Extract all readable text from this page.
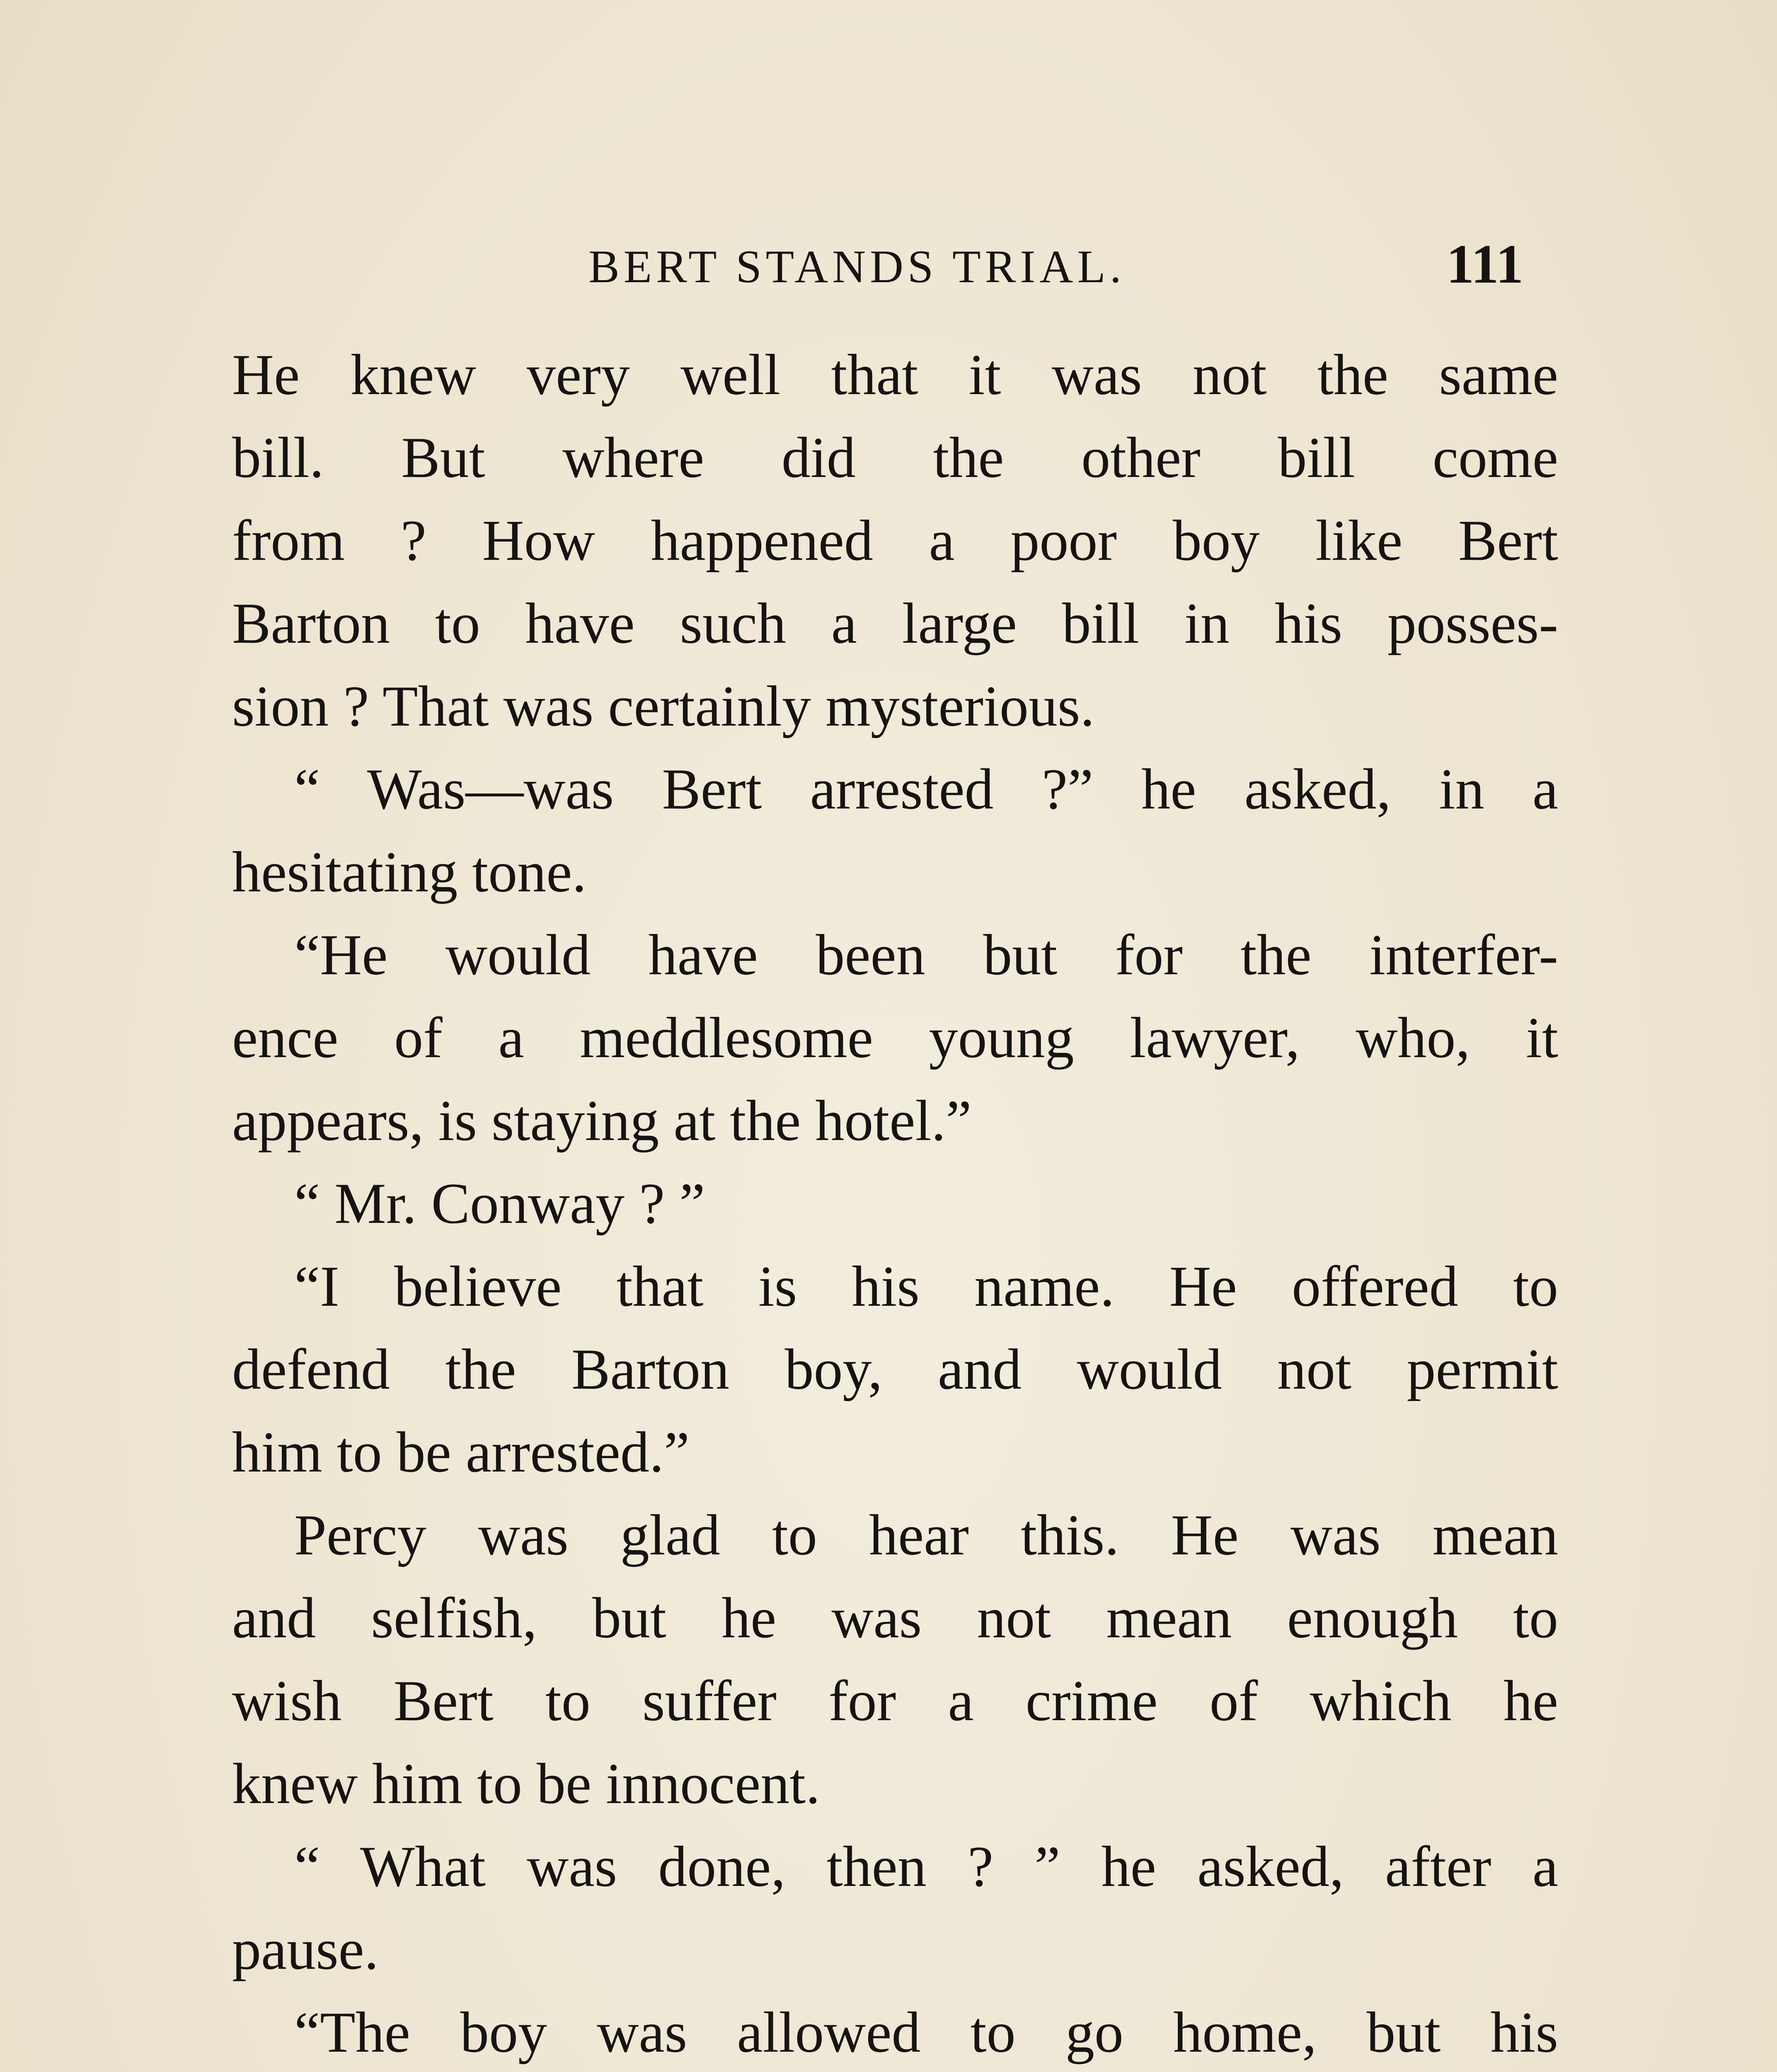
BERT STANDS TRIAL.	111
He knew very well that it was not the same
bill. But where did the other bill come
from ? How happened a poor boy like Bert
Barton to have such a large bill in his posses-
sion ? That was certainly mysterious.
“ Was—was Bert arrested ?” he asked, in a
hesitating tone.
“He would have been but for the interfer-
ence of a meddlesome young lawyer, who, it
appears, is staying at the hotel.”
“ Mr. Conway ? ”
“I believe that is his name. He offered to
defend the Barton boy, and would not permit
him to be arrested.”
Percy was glad to hear this. He was mean
and selfish, but he was not mean enough to
wish Bert to suffer for a crime of which he
knew him to be innocent.
“ What was done, then ? ” he asked, after a
pause.
“The boy was allowed to go home, but his
